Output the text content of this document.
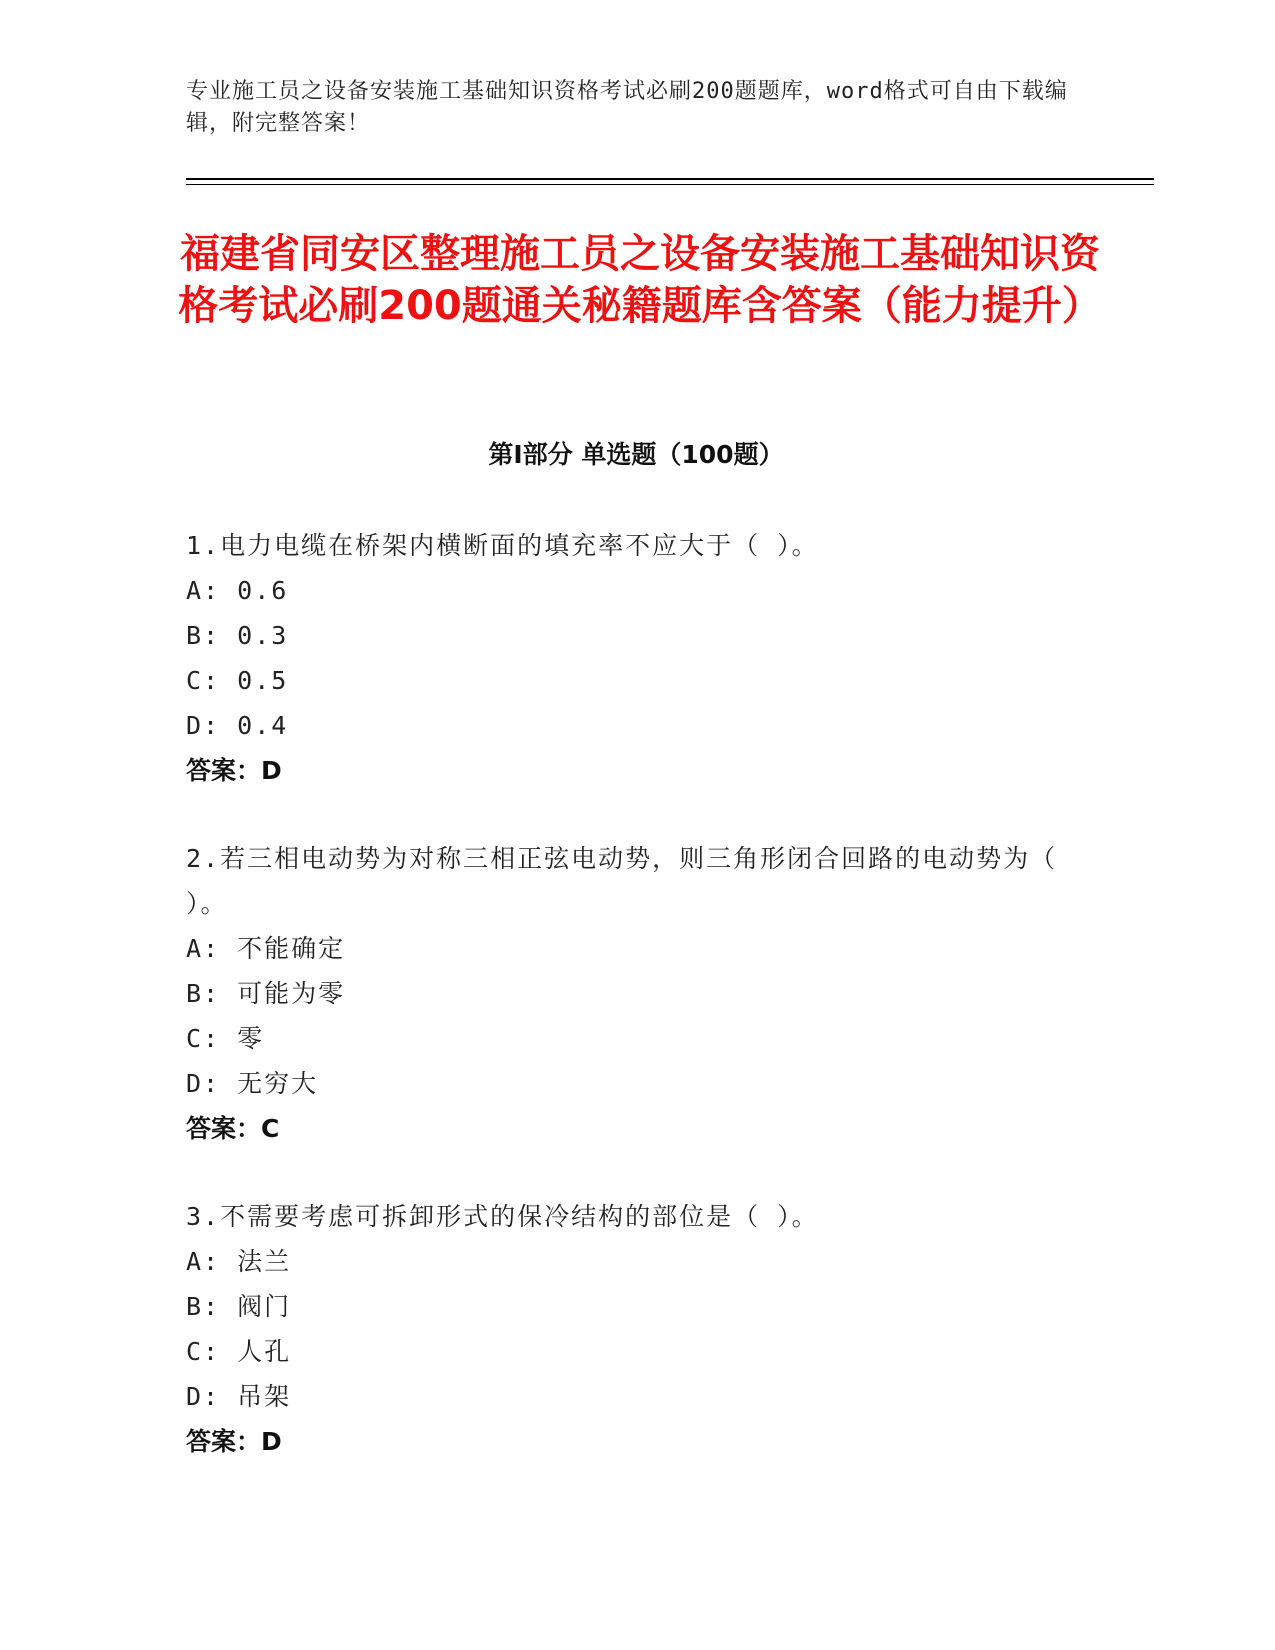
专业施工员之设备安装施工基础知识资格考试必刷200题题库，word格式可自由下载编辑，附完整答案！
福建省同安区整理施工员之设备安装施工基础知识资格考试必刷200题通关秘籍题库含答案（能力提升）
第Ⅰ部分 单选题（100题）
1.电力电缆在桥架内横断面的填充率不应大于（ ）。
A: 0.6
B: 0.3
C: 0.5
D: 0.4
答案：D
2.若三相电动势为对称三相正弦电动势，则三角形闭合回路的电动势为（ ）。
A: 不能确定
B: 可能为零
C: 零
D: 无穷大
答案：C
3.不需要考虑可拆卸形式的保冷结构的部位是（ ）。
A: 法兰
B: 阀门
C: 人孔
D: 吊架
答案：D
